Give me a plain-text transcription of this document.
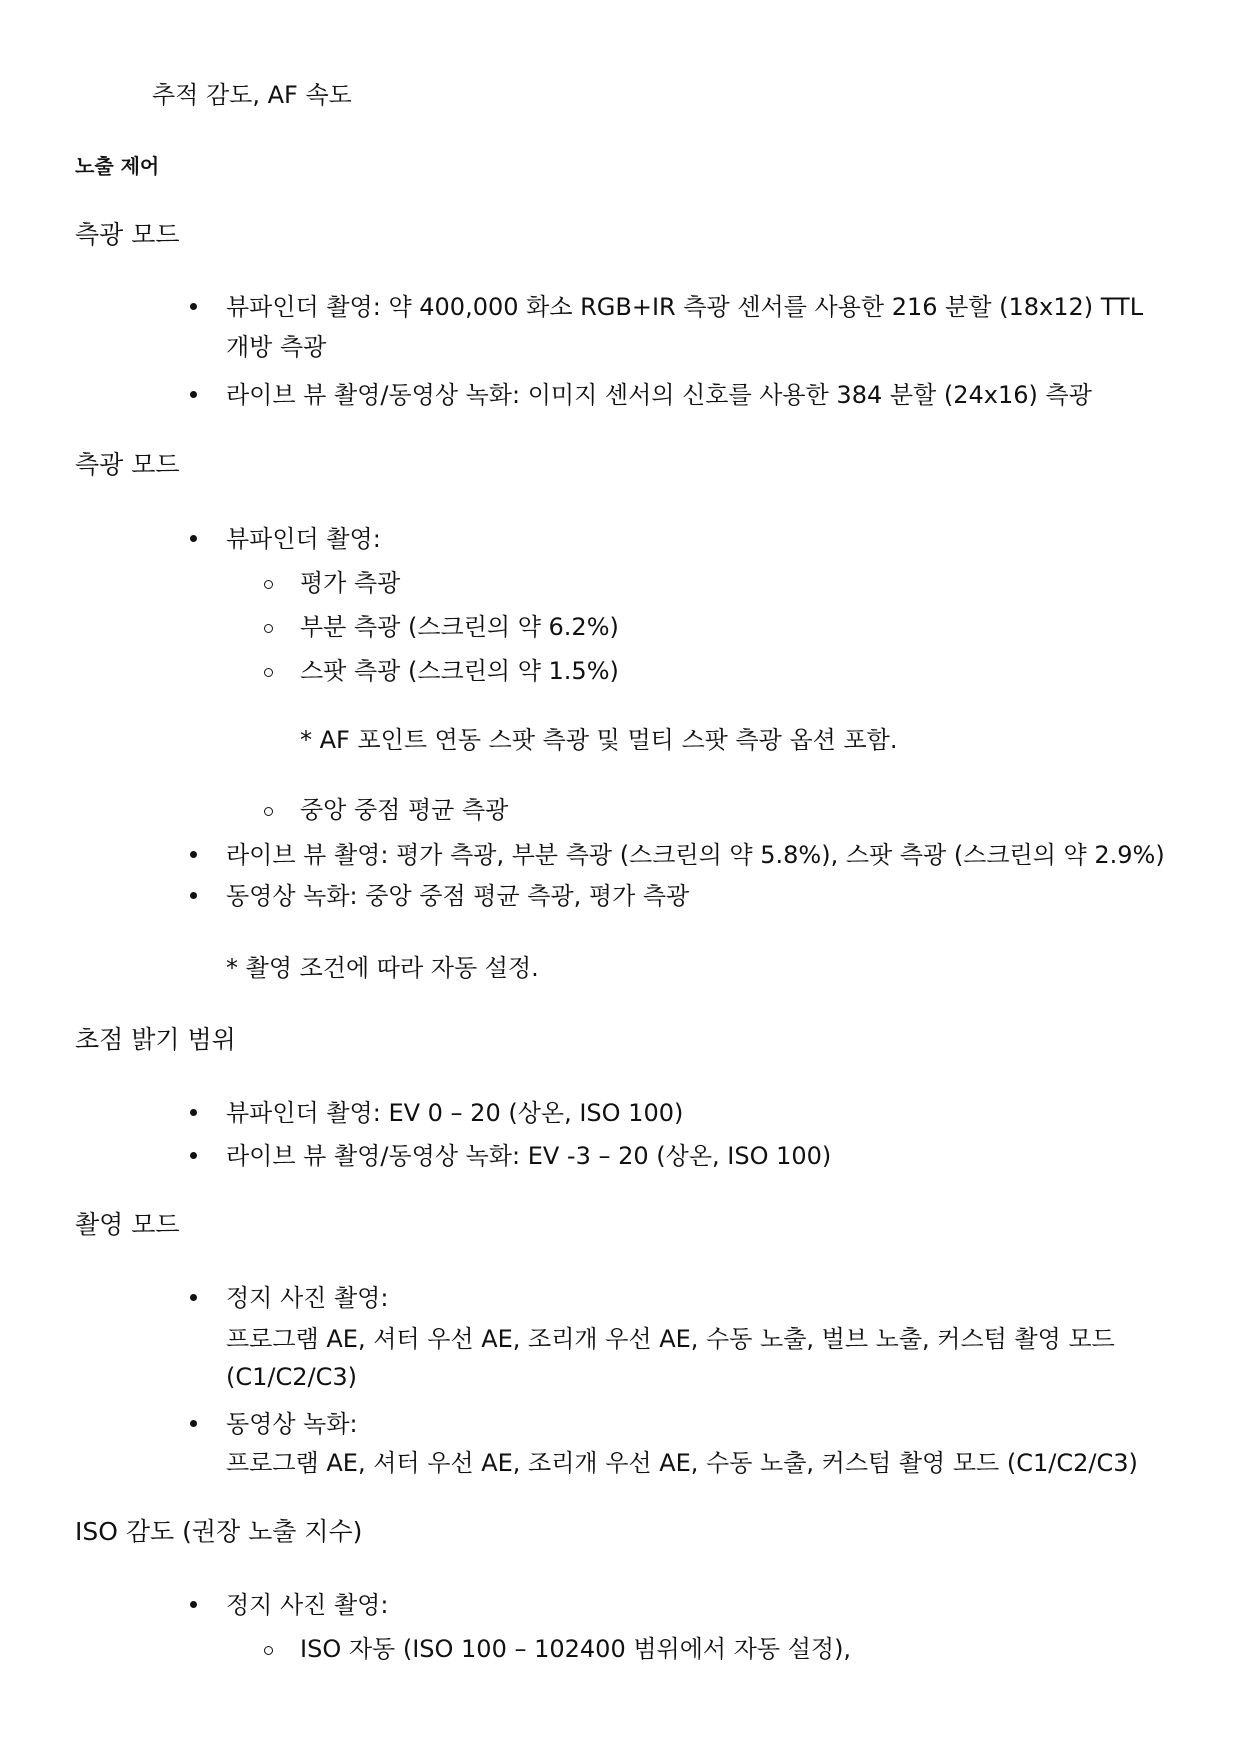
추적 감도, AF 속도
노출 제어
측광 모드
뷰파인더 촬영: 약 400,000 화소 RGB+IR 측광 센서를 사용한 216 분할 (18x12) TTL
개방 측광
라이브 뷰 촬영/동영상 녹화: 이미지 센서의 신호를 사용한 384 분할 (24x16) 측광
측광 모드
뷰파인더 촬영:
평가 측광
부분 측광 (스크린의 약 6.2%)
스팟 측광 (스크린의 약 1.5%)
* AF 포인트 연동 스팟 측광 및 멀티 스팟 측광 옵션 포함.
중앙 중점 평균 측광
라이브 뷰 촬영: 평가 측광, 부분 측광 (스크린의 약 5.8%), 스팟 측광 (스크린의 약 2.9%)
동영상 녹화: 중앙 중점 평균 측광, 평가 측광
* 촬영 조건에 따라 자동 설정.
초점 밝기 범위
뷰파인더 촬영: EV 0 – 20 (상온, ISO 100)
라이브 뷰 촬영/동영상 녹화: EV -3 – 20 (상온, ISO 100)
촬영 모드
정지 사진 촬영:
프로그램 AE, 셔터 우선 AE, 조리개 우선 AE, 수동 노출, 벌브 노출, 커스텀 촬영 모드
(C1/C2/C3)
동영상 녹화:
프로그램 AE, 셔터 우선 AE, 조리개 우선 AE, 수동 노출, 커스텀 촬영 모드 (C1/C2/C3)
ISO 감도 (권장 노출 지수)
정지 사진 촬영:
ISO 자동 (ISO 100 – 102400 범위에서 자동 설정),
